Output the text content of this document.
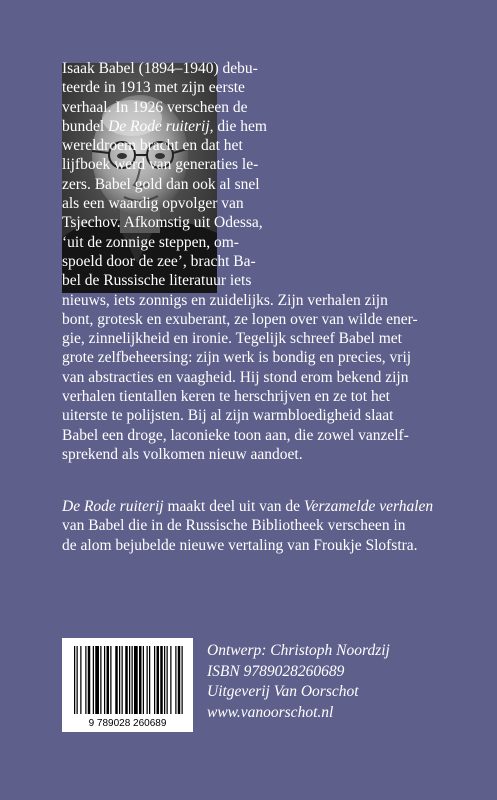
Isaak Babel (1894–1940) debu-

teerde in 1913 met zijn eerste

verhaal. In 1926 verscheen de

bundel De Rode ruiterij, die hem

wereldroem bracht en dat het

lijfboek werd van generaties le-

zers. Babel gold dan ook al snel

als een waardig opvolger van

Tsjechov. Afkomstig uit Odessa,

‘uit de zonnige steppen, om-

spoeld door de zee’, bracht Ba-

bel de Russische literatuur iets

nieuws, iets zonnigs en zuidelijks. Zijn verhalen zijn

bont, grotesk en exuberant, ze lopen over van wilde ener-

gie, zinnelijkheid en ironie. Tegelijk schreef Babel met

grote zelfbeheersing: zijn werk is bondig en precies, vrij

van abstracties en vaagheid. Hij stond erom bekend zijn

verhalen tientallen keren te herschrijven en ze tot het

uiterste te polijsten. Bij al zijn warmbloedigheid slaat

Babel een droge, laconieke toon aan, die zowel vanzelf-

sprekend als volkomen nieuw aandoet.

De Rode ruiterij maakt deel uit van de Verzamelde verhalen

van Babel die in de Russische Bibliotheek verscheen in

de alom bejubelde nieuwe vertaling van Froukje Slofstra.

9 789028 260689
Ontwerp: Christoph Noordzij
ISBN 9789028260689
Uitgeverij Van Oorschot
www.vanoorschot.nl
